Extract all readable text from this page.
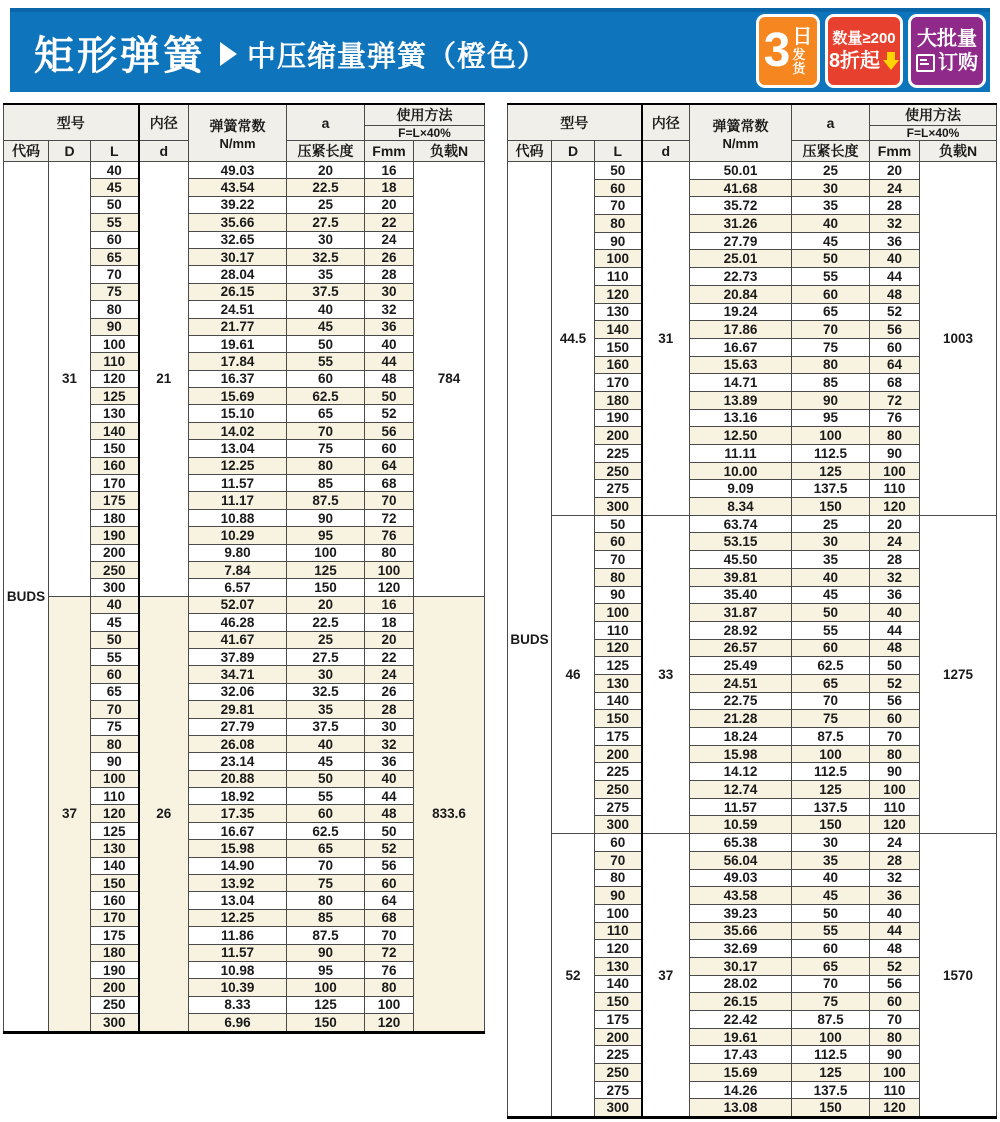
矩形弹簧 中压缩量弹簧（橙色）	3 日
发货
数量≥200
8折起
大批量
订购
型号			内径	弹簧常数
N/mm	a	使用方法	
						F=L×40%	
代码	D	L	d		压紧长度	Fmm	负载N
BUDS	31	40	21	49.03	20	16	784
		45		43.54	22.5	18	
		50		39.22	25	20	
		55		35.66	27.5	22	
		60		32.65	30	24	
		65		30.17	32.5	26	
		70		28.04	35	28	
		75		26.15	37.5	30	
		80		24.51	40	32	
		90		21.77	45	36	
		100		19.61	50	40	
		110		17.84	55	44	
		120		16.37	60	48	
		125		15.69	62.5	50	
		130		15.10	65	52	
		140		14.02	70	56	
		150		13.04	75	60	
		160		12.25	80	64	
		170		11.57	85	68	
		175		11.17	87.5	70	
		180		10.88	90	72	
		190		10.29	95	76	
		200		9.80	100	80	
		250		7.84	125	100	
		300		6.57	150	120	
	37	40	26	52.07	20	16	833.6
		45		46.28	22.5	18	
		50		41.67	25	20	
		55		37.89	27.5	22	
		60		34.71	30	24	
		65		32.06	32.5	26	
		70		29.81	35	28	
		75		27.79	37.5	30	
		80		26.08	40	32	
		90		23.14	45	36	
		100		20.88	50	40	
		110		18.92	55	44	
		120		17.35	60	48	
		125		16.67	62.5	50	
		130		15.98	65	52	
		140		14.90	70	56	
		150		13.92	75	60	
		160		13.04	80	64	
		170		12.25	85	68	
		175		11.86	87.5	70	
		180		11.57	90	72	
		190		10.98	95	76	
		200		10.39	100	80	
		250		8.33	125	100	
		300		6.96	150	120	
型号			内径	弹簧常数
N/mm	a	使用方法	
						F=L×40%	
代码	D	L	d		压紧长度	Fmm	负载N
BUDS	44.5	50	31	50.01	25	20	1003
		60		41.68	30	24	
		70		35.72	35	28	
		80		31.26	40	32	
		90		27.79	45	36	
		100		25.01	50	40	
		110		22.73	55	44	
		120		20.84	60	48	
		130		19.24	65	52	
		140		17.86	70	56	
		150		16.67	75	60	
		160		15.63	80	64	
		170		14.71	85	68	
		180		13.89	90	72	
		190		13.16	95	76	
		200		12.50	100	80	
		225		11.11	112.5	90	
		250		10.00	125	100	
		275		9.09	137.5	110	
		300		8.34	150	120	
	46	50	33	63.74	25	20	1275
		60		53.15	30	24	
		70		45.50	35	28	
		80		39.81	40	32	
		90		35.40	45	36	
		100		31.87	50	40	
		110		28.92	55	44	
		120		26.57	60	48	
		125		25.49	62.5	50	
		130		24.51	65	52	
		140		22.75	70	56	
		150		21.28	75	60	
		175		18.24	87.5	70	
		200		15.98	100	80	
		225		14.12	112.5	90	
		250		12.74	125	100	
		275		11.57	137.5	110	
		300		10.59	150	120	
	52	60	37	65.38	30	24	1570
		70		56.04	35	28	
		80		49.03	40	32	
		90		43.58	45	36	
		100		39.23	50	40	
		110		35.66	55	44	
		120		32.69	60	48	
		130		30.17	65	52	
		140		28.02	70	56	
		150		26.15	75	60	
		175		22.42	87.5	70	
		200		19.61	100	80	
		225		17.43	112.5	90	
		250		15.69	125	100	
		275		14.26	137.5	110	
		300		13.08	150	120	
